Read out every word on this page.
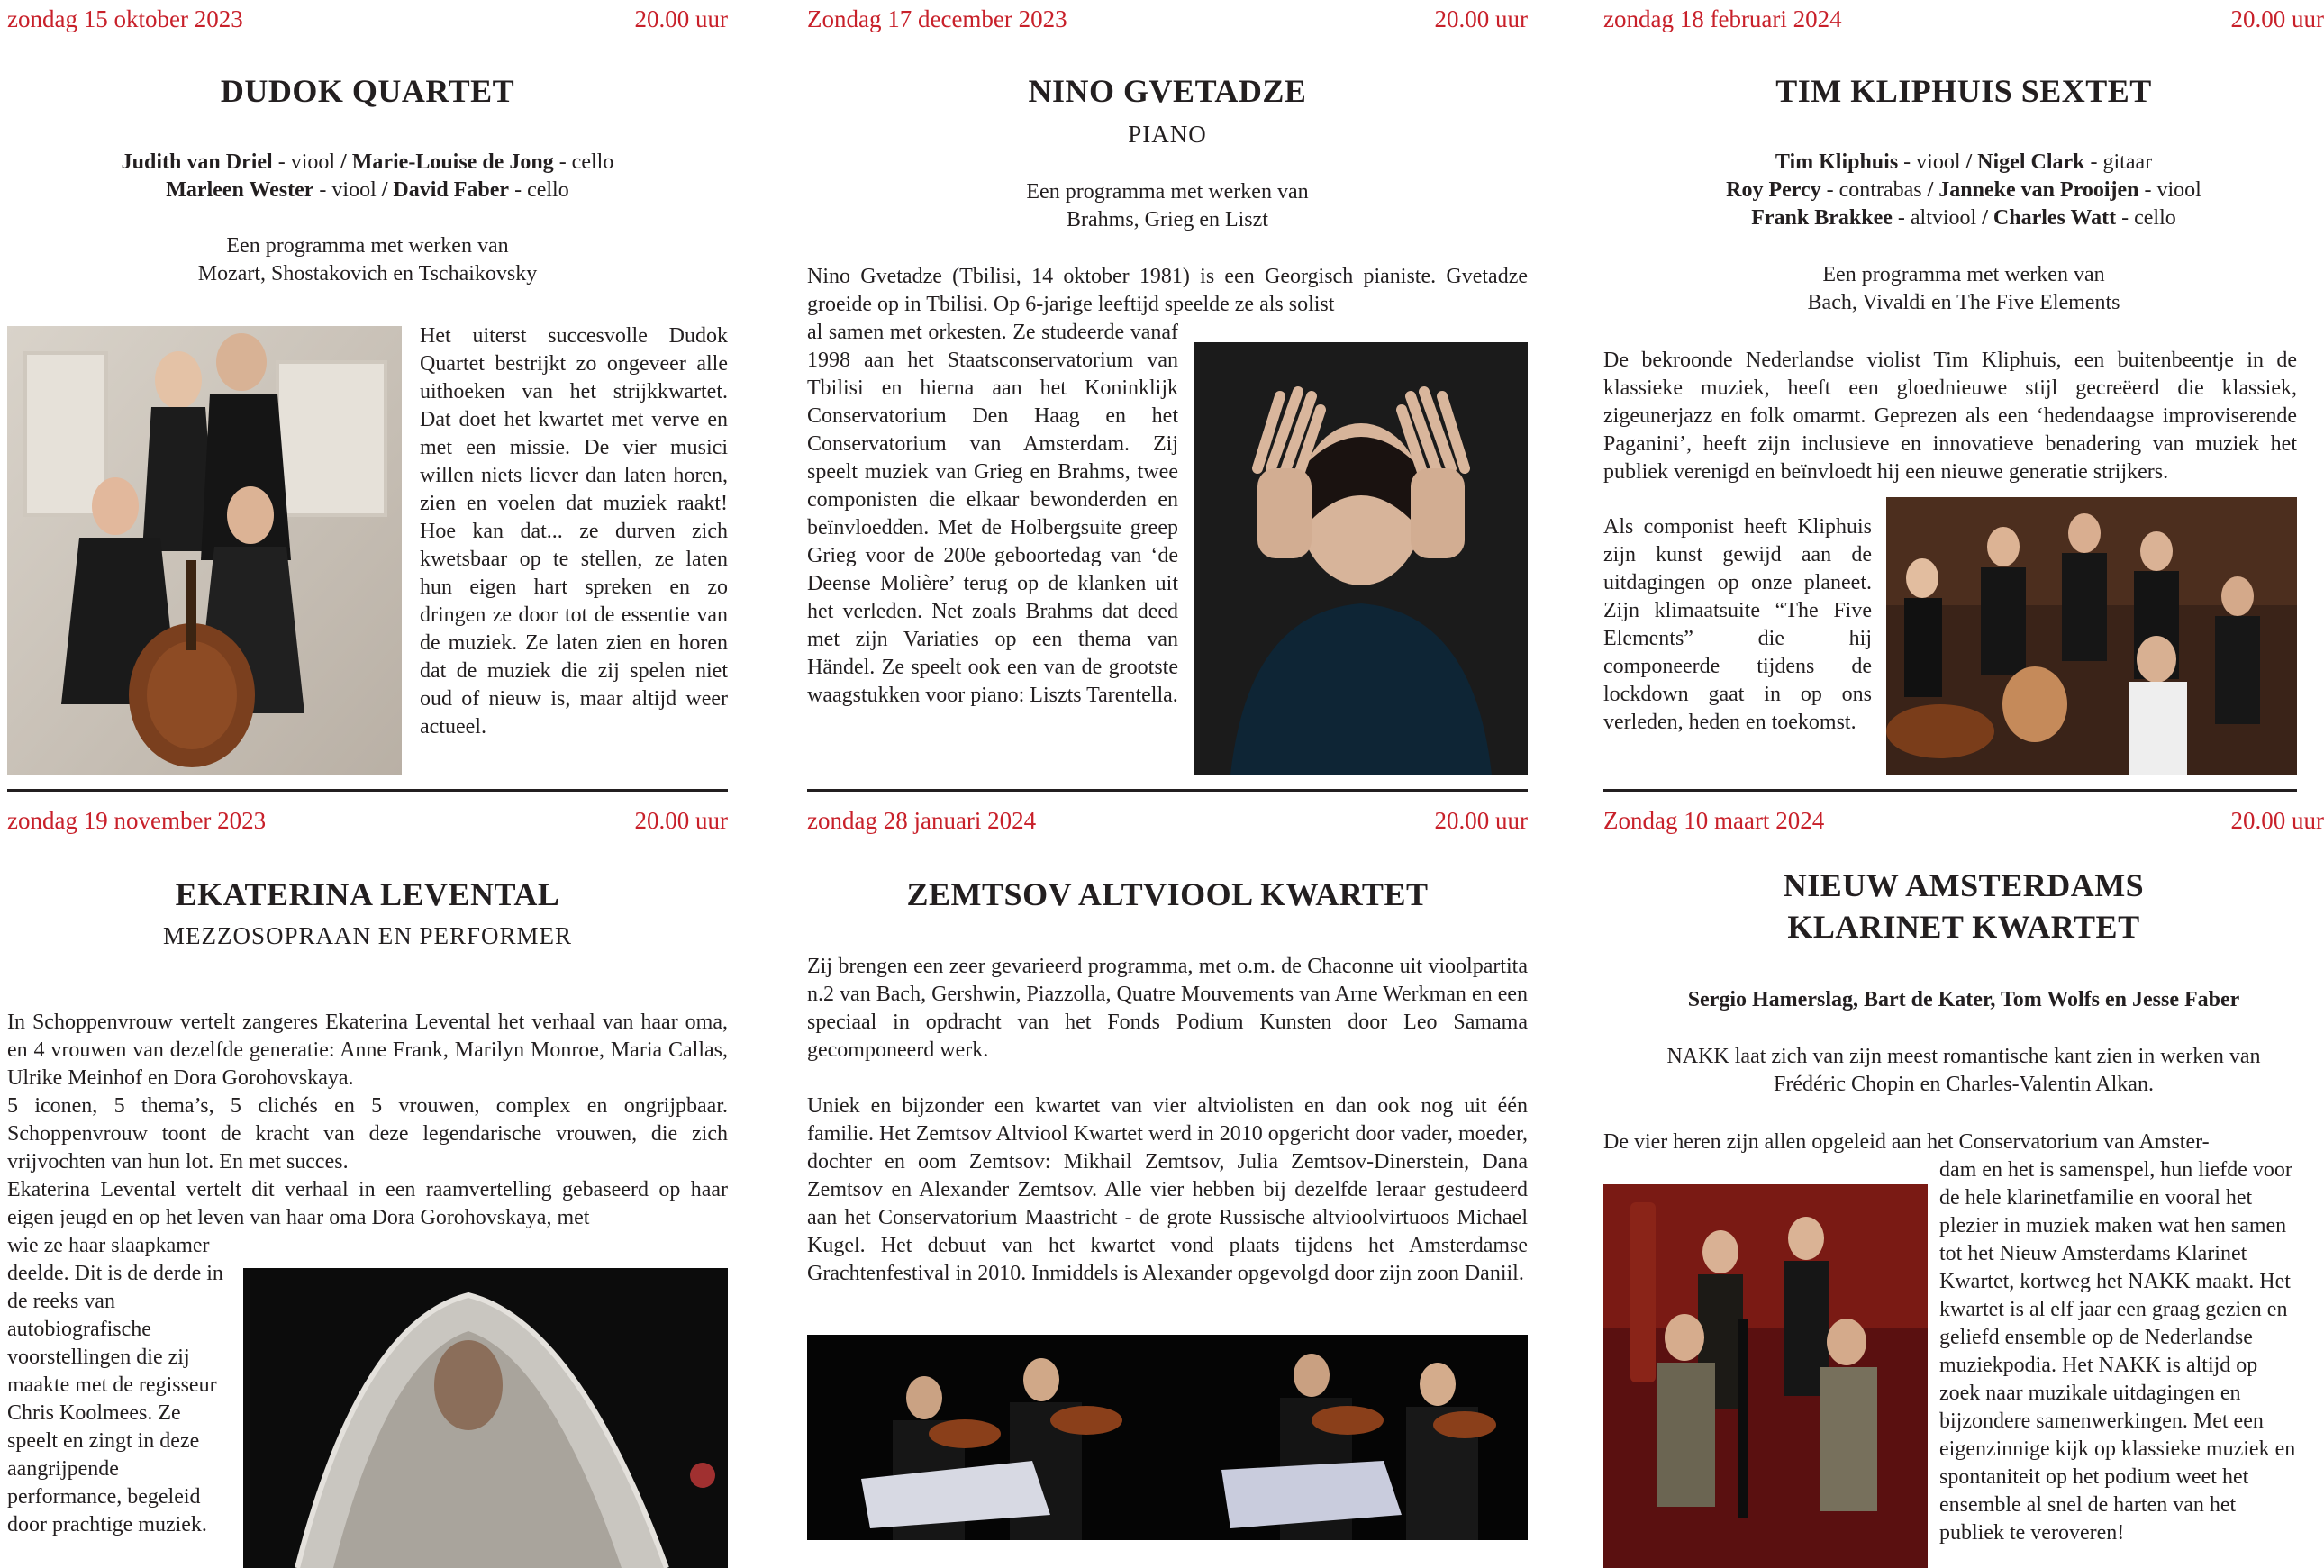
zondag 15 oktober 2023	20.00 uur
DUDOK QUARTET
Judith van Driel - viool / Marie-Louise de Jong - cello
Marleen Wester - viool / David Faber - cello
Een programma met werken van
Mozart, Shostakovich en Tschaikovsky
Het uiterst succesvolle Dudok Quartet bestrijkt zo ongeveer alle uithoeken van het strijkkwartet. Dat doet het kwartet met verve en met een missie. De vier musici willen niets liever dan laten horen, zien en voelen dat muziek raakt! Hoe kan dat... ze durven zich kwetsbaar op te stellen, ze laten hun eigen hart spreken en zo dringen ze door tot de essentie van de muziek. Ze laten zien en horen dat de muziek die zij spelen niet oud of nieuw is, maar altijd weer actueel.
Zondag 17 december 2023	20.00 uur
NINO GVETADZE
PIANO
Een programma met werken van
Brahms, Grieg en Liszt
Nino Gvetadze (Tbilisi, 14 oktober 1981) is een Georgisch pianiste. Gvetadze groeide op in Tbilisi. Op 6-jarige leeftijd speelde ze als solist
al samen met orkesten. Ze studeerde vanaf 1998 aan het Staatsconservatorium van Tbilisi en hierna aan het Koninklijk Conservatorium Den Haag en het Conservatorium van Amsterdam. Zij speelt muziek van Grieg en Brahms, twee componisten die elkaar bewonderden en beïnvloedden. Met de Holbergsuite greep Grieg voor de 200e geboortedag van ‘de Deense Molière’ terug op de klanken uit het verleden. Net zoals Brahms dat deed met zijn Variaties op een thema van Händel. Ze speelt ook een van de grootste waagstukken voor piano: Liszts Tarentella.
zondag 18 februari 2024	20.00 uur
TIM KLIPHUIS SEXTET
Tim Kliphuis - viool / Nigel Clark - gitaar
Roy Percy - contrabas / Janneke van Prooijen - viool
Frank Brakkee - altviool / Charles Watt - cello
Een programma met werken van
Bach, Vivaldi en The Five Elements
De bekroonde Nederlandse violist Tim Kliphuis, een buitenbeentje in de klassieke muziek, heeft een gloednieuwe stijl gecreëerd die klassiek, zigeunerjazz en folk omarmt. Geprezen als een ‘hedendaagse improviserende Paganini’, heeft zijn inclusieve en innovatieve benadering van muziek het publiek verenigd en beïnvloedt hij een nieuwe generatie strijkers.
Als componist heeft Kliphuis zijn kunst gewijd aan de uitdagingen op onze planeet. Zijn klimaatsuite “The Five Elements” die hij componeerde tijdens de lockdown gaat in op ons verleden, heden en toekomst.
zondag 19 november 2023	20.00 uur
EKATERINA LEVENTAL
MEZZOSOPRAAN EN PERFORMER
In Schoppenvrouw vertelt zangeres Ekaterina Levental het verhaal van haar oma, en 4 vrouwen van dezelfde generatie: Anne Frank, Marilyn Monroe, Maria Callas, Ulrike Meinhof en Dora Gorohovskaya.
5 iconen, 5 thema’s, 5 clichés en 5 vrouwen, complex en ongrijpbaar. Schoppenvrouw toont de kracht van deze legendarische vrouwen, die zich vrijvochten van hun lot. En met succes.
Ekaterina Levental vertelt dit verhaal in een raamvertelling gebaseerd op haar eigen jeugd en op het leven van haar oma Dora Gorohovskaya, met
wie ze haar slaapkamer deelde. Dit is de derde in de reeks van autobiografische voorstellingen die zij maakte met de regisseur Chris Koolmees. Ze speelt en zingt in deze aangrijpende performance, begeleid door prachtige muziek.
zondag 28 januari 2024	20.00 uur
ZEMTSOV ALTVIOOL KWARTET
Zij brengen een zeer gevarieerd programma, met o.m. de Chaconne uit vioolpartita n.2 van Bach, Gershwin, Piazzolla, Quatre Mouvements van Arne Werkman en een speciaal in opdracht van het Fonds Podium Kunsten door Leo Samama gecomponeerd werk.
Uniek en bijzonder een kwartet van vier altviolisten en dan ook nog uit één familie. Het Zemtsov Altviool Kwartet werd in 2010 opgericht door vader, moeder, dochter en oom Zemtsov: Mikhail Zemtsov, Julia Zemtsov-Dinerstein, Dana Zemtsov en Alexander Zemtsov. Alle vier hebben bij dezelfde leraar gestudeerd aan het Conservatorium Maastricht - de grote Russische altvioolvirtuoos Michael Kugel. Het debuut van het kwartet vond plaats tijdens het Amsterdamse Grachtenfestival in 2010. Inmiddels is Alexander opgevolgd door zijn zoon Daniil.
Zondag 10 maart 2024	20.00 uur
NIEUW AMSTERDAMS
KLARINET KWARTET
Sergio Hamerslag, Bart de Kater, Tom Wolfs en Jesse Faber
NAKK laat zich van zijn meest romantische kant zien in werken van
Frédéric Chopin en Charles-Valentin Alkan.
De vier heren zijn allen opgeleid aan het Conservatorium van Amster-
dam en het is samenspel, hun liefde voor de hele klarinetfamilie en vooral het plezier in muziek maken wat hen samen tot het Nieuw Amsterdams Klarinet Kwartet, kortweg het NAKK maakt. Het kwartet is al elf jaar een graag gezien en geliefd ensemble op de Nederlandse muziekpodia. Het NAKK is altijd op zoek naar muzikale uitdagingen en bijzondere samenwerkingen. Met een eigenzinnige kijk op klassieke muziek en spontaniteit op het podium weet het ensemble al snel de harten van het publiek te veroveren!
